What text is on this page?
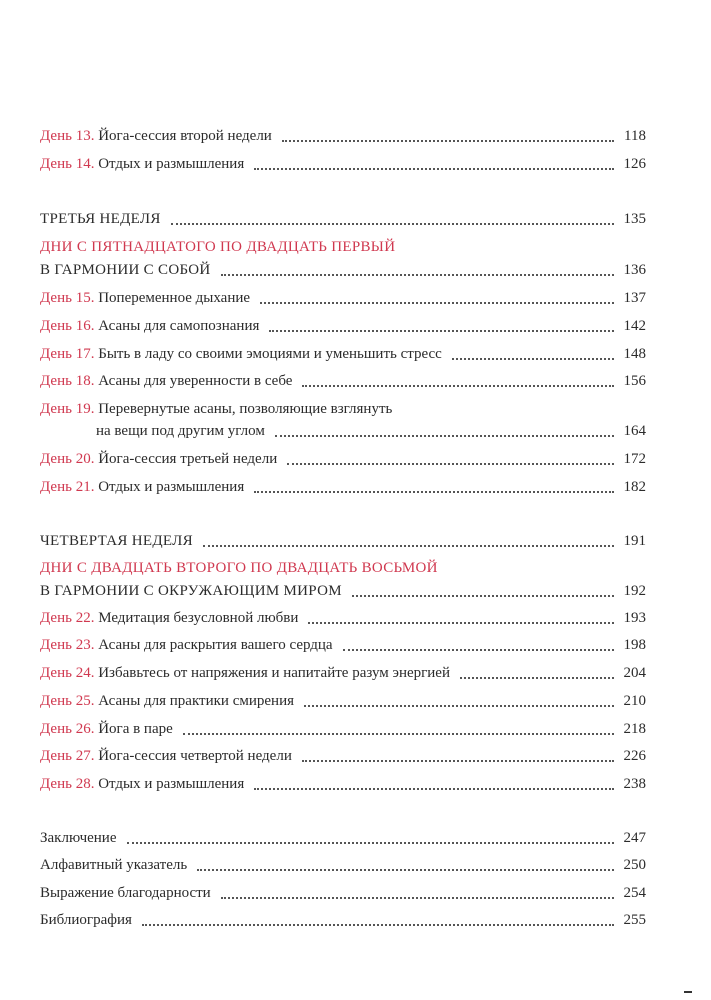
День 13. Йога-сессия второй недели	118
День 14. Отдых и размышления	126
ТРЕТЬЯ НЕДЕЛЯ	135
ДНИ С ПЯТНАДЦАТОГО ПО ДВАДЦАТЬ ПЕРВЫЙ
В ГАРМОНИИ С СОБОЙ	136
День 15. Попеременное дыхание	137
День 16. Асаны для самопознания	142
День 17. Быть в ладу со своими эмоциями и уменьшить стресс	148
День 18. Асаны для уверенности в себе	156
День 19.
Перевернутые асаны, позволяющие взглянуть
на вещи под другим углом	164
День 20. Йога-сессия третьей недели	172
День 21. Отдых и размышления	182
ЧЕТВЕРТАЯ НЕДЕЛЯ	191
ДНИ С ДВАДЦАТЬ ВТОРОГО ПО ДВАДЦАТЬ ВОСЬМОЙ
В ГАРМОНИИ С ОКРУЖАЮЩИМ МИРОМ	192
День 22. Медитация безусловной любви	193
День 23. Асаны для раскрытия вашего сердца	198
День 24. Избавьтесь от напряжения и напитайте разум энергией	204
День 25. Асаны для практики смирения	210
День 26. Йога в паре	218
День 27. Йога-сессия четвертой недели	226
День 28. Отдых и размышления	238
Заключение	247
Алфавитный указатель	250
Выражение благодарности	254
Библиография	255
